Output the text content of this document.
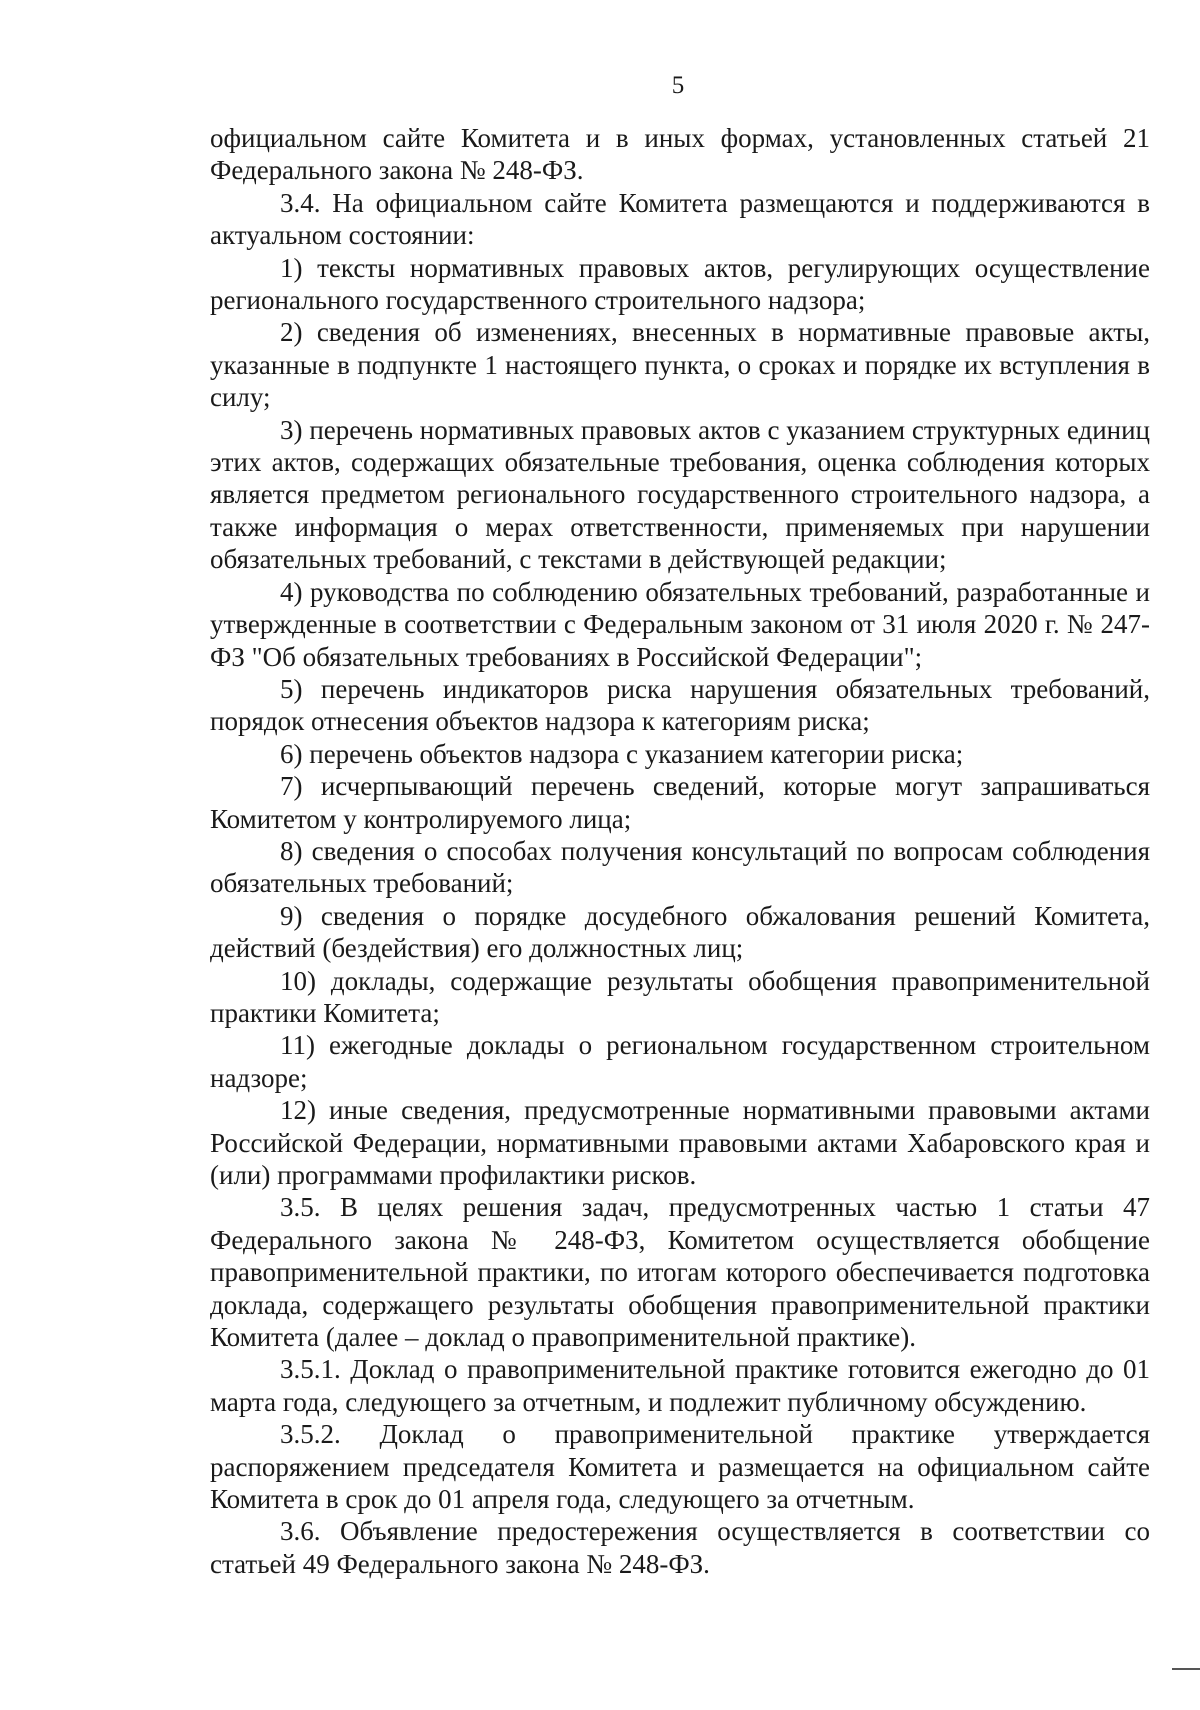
5

официальном сайте Комитета и в иных формах, установленных статьей 21 Федерального закона № 248-ФЗ.

3.4. На официальном сайте Комитета размещаются и поддерживаются в актуальном состоянии:

1) тексты нормативных правовых актов, регулирующих осуществление регионального государственного строительного надзора;

2) сведения об изменениях, внесенных в нормативные правовые акты, указанные в подпункте 1 настоящего пункта, о сроках и порядке их вступления в силу;

3) перечень нормативных правовых актов с указанием структурных единиц этих актов, содержащих обязательные требования, оценка соблюдения которых является предметом регионального государственного строительного надзора, а также информация о мерах ответственности, применяемых при нарушении обязательных требований, с текстами в действующей редакции;

4) руководства по соблюдению обязательных требований, разработанные и утвержденные в соответствии с Федеральным законом от 31 июля 2020 г. № 247-ФЗ "Об обязательных требованиях в Российской Федерации";

5) перечень индикаторов риска нарушения обязательных требований, порядок отнесения объектов надзора к категориям риска;

6) перечень объектов надзора с указанием категории риска;

7) исчерпывающий перечень сведений, которые могут запрашиваться Комитетом у контролируемого лица;

8) сведения о способах получения консультаций по вопросам соблюдения обязательных требований;

9) сведения о порядке досудебного обжалования решений Комитета, действий (бездействия) его должностных лиц;

10) доклады, содержащие результаты обобщения правоприменительной практики Комитета;

11) ежегодные доклады о региональном государственном строительном надзоре;

12) иные сведения, предусмотренные нормативными правовыми актами Российской Федерации, нормативными правовыми актами Хабаровского края и (или) программами профилактики рисков.

3.5. В целях решения задач, предусмотренных частью 1 статьи 47 Федерального закона № 248-ФЗ, Комитетом осуществляется обобщение правоприменительной практики, по итогам которого обеспечивается подготовка доклада, содержащего результаты обобщения правоприменительной практики Комитета (далее – доклад о правоприменительной практике).

3.5.1. Доклад о правоприменительной практике готовится ежегодно до 01 марта года, следующего за отчетным, и подлежит публичному обсуждению.

3.5.2. Доклад о правоприменительной практике утверждается распоряжением председателя Комитета и размещается на официальном сайте Комитета в срок до 01 апреля года, следующего за отчетным.

3.6. Объявление предостережения осуществляется в соответствии со статьей 49 Федерального закона № 248-ФЗ.
